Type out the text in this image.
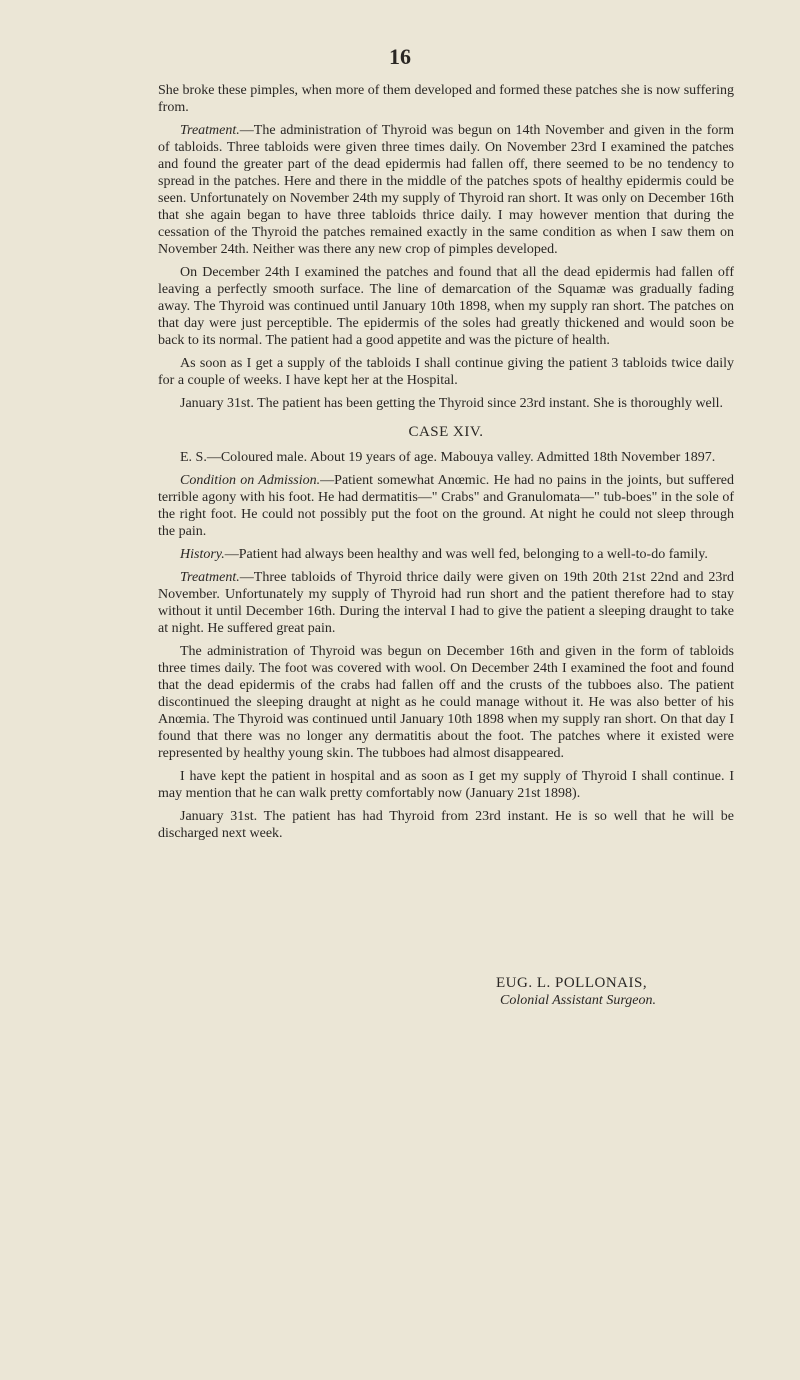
16

She broke these pimples, when more of them developed and formed these patches she is now suffering from.

Treatment.—The administration of Thyroid was begun on 14th November and given in the form of tabloids. Three tabloids were given three times daily. On November 23rd I examined the patches and found the greater part of the dead epidermis had fallen off, there seemed to be no tendency to spread in the patches. Here and there in the middle of the patches spots of healthy epidermis could be seen. Unfortunately on November 24th my supply of Thyroid ran short. It was only on December 16th that she again began to have three tabloids thrice daily. I may however mention that during the cessation of the Thyroid the patches remained exactly in the same condition as when I saw them on November 24th. Neither was there any new crop of pimples developed.

On December 24th I examined the patches and found that all the dead epidermis had fallen off leaving a perfectly smooth surface. The line of demarcation of the Squamæ was gradually fading away. The Thyroid was continued until January 10th 1898, when my supply ran short. The patches on that day were just perceptible. The epidermis of the soles had greatly thickened and would soon be back to its normal. The patient had a good appetite and was the picture of health.

As soon as I get a supply of the tabloids I shall continue giving the patient 3 tabloids twice daily for a couple of weeks. I have kept her at the Hospital.

January 31st. The patient has been getting the Thyroid since 23rd instant. She is thoroughly well.

CASE XIV.

E. S.—Coloured male. About 19 years of age. Mabouya valley. Admitted 18th November 1897.

Condition on Admission.—Patient somewhat Anœmic. He had no pains in the joints, but suffered terrible agony with his foot. He had dermatitis—" Crabs" and Granulomata—" tub-boes" in the sole of the right foot. He could not possibly put the foot on the ground. At night he could not sleep through the pain.

History.—Patient had always been healthy and was well fed, belonging to a well-to-do family.

Treatment.—Three tabloids of Thyroid thrice daily were given on 19th 20th 21st 22nd and 23rd November. Unfortunately my supply of Thyroid had run short and the patient therefore had to stay without it until December 16th. During the interval I had to give the patient a sleeping draught to take at night. He suffered great pain.

The administration of Thyroid was begun on December 16th and given in the form of tabloids three times daily. The foot was covered with wool. On December 24th I examined the foot and found that the dead epidermis of the crabs had fallen off and the crusts of the tubboes also. The patient discontinued the sleeping draught at night as he could manage without it. He was also better of his Anœmia. The Thyroid was continued until January 10th 1898 when my supply ran short. On that day I found that there was no longer any dermatitis about the foot. The patches where it existed were represented by healthy young skin. The tubboes had almost disappeared.

I have kept the patient in hospital and as soon as I get my supply of Thyroid I shall continue. I may mention that he can walk pretty comfortably now (January 21st 1898).

January 31st. The patient has had Thyroid from 23rd instant. He is so well that he will be discharged next week.

EUG. L. POLLONAIS,
Colonial Assistant Surgeon.
